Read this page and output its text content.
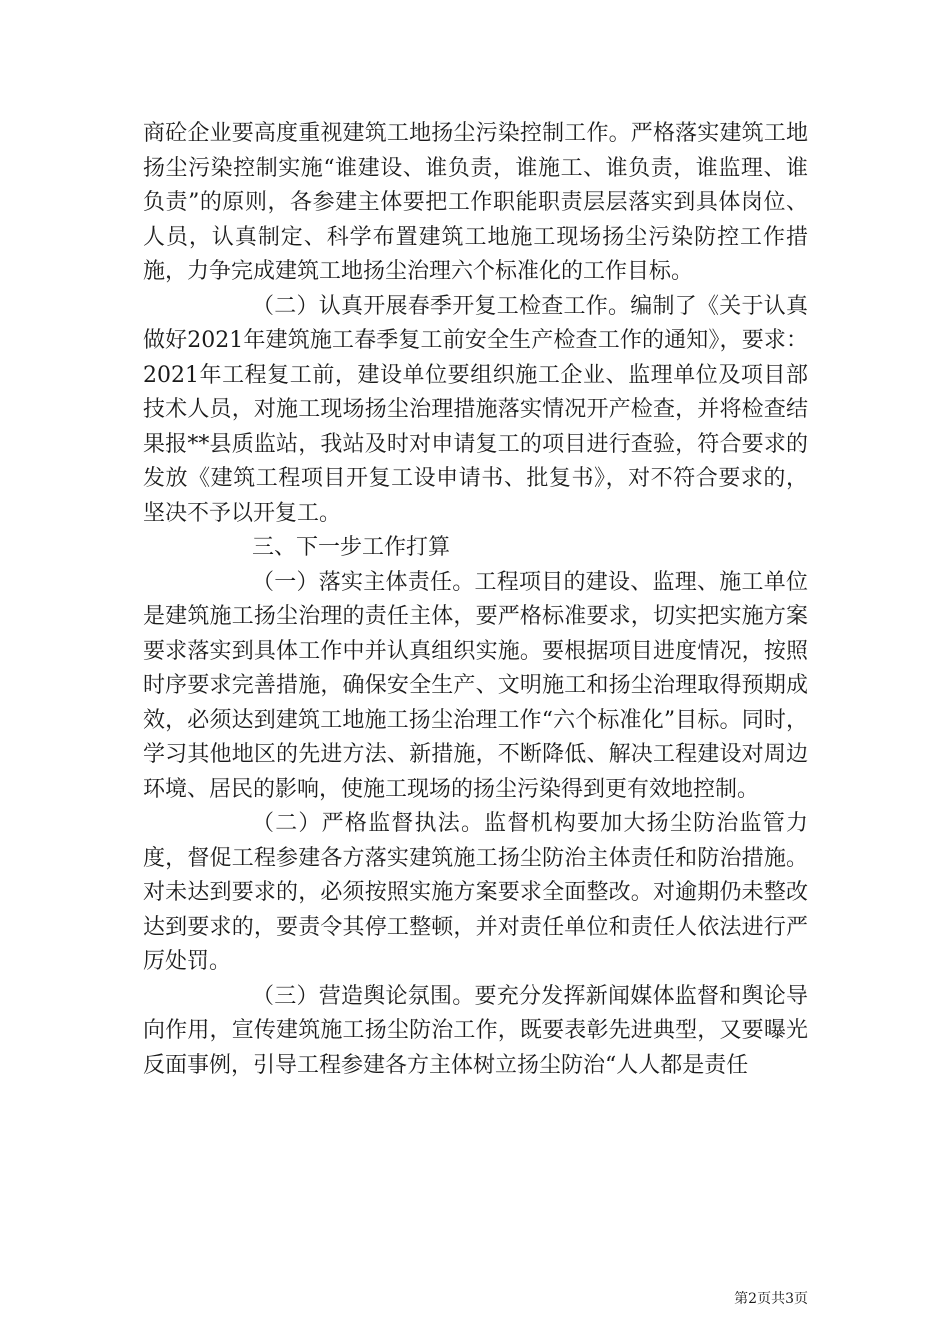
商砼企业要高度重视建筑工地扬尘污染控制工作。严格落实建筑工地扬尘污染控制实施“谁建设、谁负责，谁施工、谁负责，谁监理、谁负责”的原则，各参建主体要把工作职能职责层层落实到具体岗位、人员，认真制定、科学布置建筑工地施工现场扬尘污染防控工作措施，力争完成建筑工地扬尘治理六个标准化的工作目标。

（二）认真开展春季开复工检查工作。编制了《关于认真做好2021年建筑施工春季复工前安全生产检查工作的通知》，要求：2021年工程复工前，建设单位要组织施工企业、监理单位及项目部技术人员，对施工现场扬尘治理措施落实情况开产检查，并将检查结果报**县质监站，我站及时对申请复工的项目进行查验，符合要求的发放《建筑工程项目开复工设申请书、批复书》，对不符合要求的，坚决不予以开复工。

三、下一步工作打算

（一）落实主体责任。工程项目的建设、监理、施工单位是建筑施工扬尘治理的责任主体，要严格标准要求，切实把实施方案要求落实到具体工作中并认真组织实施。要根据项目进度情况，按照时序要求完善措施，确保安全生产、文明施工和扬尘治理取得预期成效，必须达到建筑工地施工扬尘治理工作“六个标准化”目标。同时，学习其他地区的先进方法、新措施，不断降低、解决工程建设对周边环境、居民的影响，使施工现场的扬尘污染得到更有效地控制。

（二）严格监督执法。监督机构要加大扬尘防治监管力度，督促工程参建各方落实建筑施工扬尘防治主体责任和防治措施。对未达到要求的，必须按照实施方案要求全面整改。对逾期仍未整改达到要求的，要责令其停工整顿，并对责任单位和责任人依法进行严厉处罚。

（三）营造舆论氛围。要充分发挥新闻媒体监督和舆论导向作用，宣传建筑施工扬尘防治工作，既要表彰先进典型，又要曝光反面事例，引导工程参建各方主体树立扬尘防治“人人都是责任

第2页共3页
